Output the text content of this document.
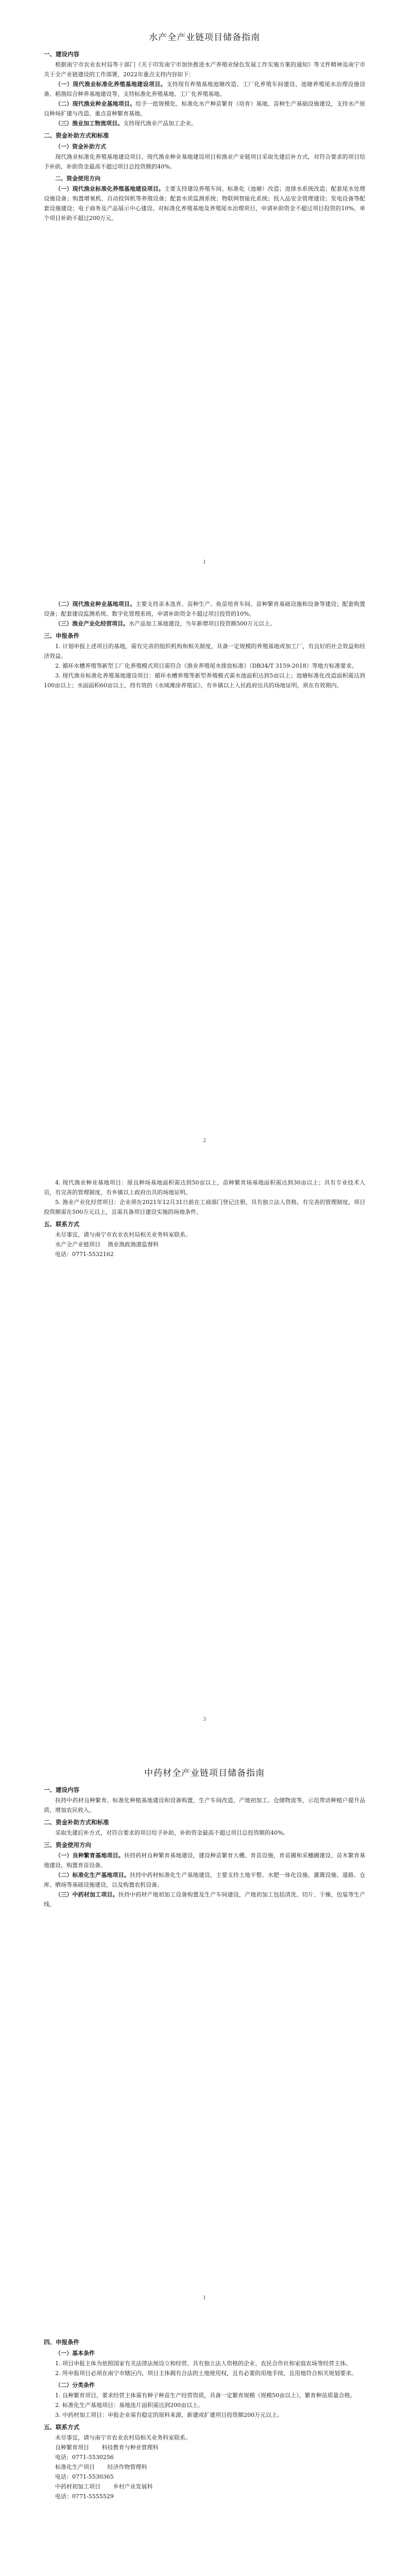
水产全产业链项目储备指南
一、建设内容

根据南宁市农业农村局等十部门《关于印发南宁市加快推进水产养殖业绿色发展工作实施方案的通知》等文件精神及南宁市关于全产业链建设的工作部署，2022年重点支持内容如下：

（一）现代渔业标准化养殖基地建设项目。支持现有养殖基地池塘改造、工厂化养殖车间建设、池塘养殖尾水治理设施设备、稻渔综合种养基地建设等，支持标准化养殖基地、工厂化养殖基地。

（二）现代渔业种业基地项目。给予一批规模化、标准化水产种苗繁育（培育）基地、苗种生产基础设施建设，支持水产原良种场扩建与改造、重点苗种繁育基地。

（三）渔业加工物流项目。支持现代渔业产品加工企业。

二、资金补助方式和标准
（一）资金补助方式

现代渔业标准化养殖基地建设项目、现代渔业种业基地建设项目和渔业产业链项目采取先建后补方式，对符合要求的项目给予补助，补助资金最高不超过项目总投资额的40%。

二、资金使用方向

（一）现代渔业标准化养殖基地建设项目。主要支持建设养殖车间、标准化（池塘）改造；进排水系统改造；配套尾水处理设施设备；购置增氧机、自动投饵机等养殖设备；配套水质监测系统；物联网智能化系统；投入品安全管理建设；发电设备等配套设施建设；电子商务及产品展示中心建设。对标准化养殖基地及养殖尾水治理项目，申请补助资金不超过项目投资的10%，单个项目补助不超过200万元。

1

（二）现代渔业种业基地项目。主要支持亲本选育、苗种生产、鱼苗培育车间、苗种繁育基础设施和设备等建设；配套购置设备；配套建设监测系统、数字化管理系统，申请补助资金不超过项目投资的10%。

（三）渔业产业化经营项目。水产品加工基地建设，当年新增项目投资额500万元以上。

三、申报条件

1. 计划申报上述项目的基地，需有完善的组织机构和相关制度，具备一定规模的养殖基地或加工厂，有良好的社会效益和经济效益。

2. 循环水槽养殖等新型工厂化养殖模式项目需符合《渔业养殖尾水排放标准》（DB34/T 3159-2018）等地方标准要求。

3. 现代渔业标准化养殖基地建设项目：循环水槽养殖等新型养殖模式需水池面积达到5亩以上；池塘标准化改造面积需达到100亩以上；水面面积60亩以上，持有效的《水域滩涂养殖证》，有乡镇以上人民政府出具的场地证明，须在有效期内。

2

4. 现代渔业种业基地项目：原良种场基地面积需达到50亩以上，苗种繁育场基地面积需达到30亩以上；具有专业技术人员，有完善的管理制度，有乡镇以上政府出具的场地证明。

5. 渔业产业化经营项目：企业须在2021年12月31日前在工商部门登记注册，具有独立法人资格，有完善的管理制度，项目投资额需在500万元以上，且需具备项目建设实施的场地条件。

五、联系方式

未尽事宜，请与南宁市农业农村局相关业务科室联系。

水产全产业链项目    渔业渔政渔港监督科
电话：0771-5532162
3
中药材全产业链项目储备指南
一、建设内容

扶持中药材良种繁育、标准化种植基地建设和设备购置，生产车间改造，产地初加工、仓储物流等，示范带动种植户提升品质，增加农民收入。

二、资金补助方式和标准

采取先建后补方式，对符合要求的项目给予补助，补助资金最高不超过项目总投资额的40%。

三、资金使用方向

（一）良种繁育基地项目。扶持药材良种繁育基地建设，建设种苗繁育大棚、育苗设施，育苗圃和采穗圃建设、苗木繁育基地建设，购置育苗设备。

（二）标准化生产基地项目。扶持中药材标准化生产基地建设，主要支持土地平整、水肥一体化设施、灌溉设施、道路、仓库、晒场等基础设施建设，以及购置农机设备。

（三）中药材加工项目。扶持中药材产地初加工设备购置及生产车间建设，产地初加工包括清洗、切片、干燥、包装等生产线。

1
四、申报条件
（一）基本条件

1. 项目申报主体为依照国家有关法律法规设立和经营，具有独立法人资格的企业、农民合作社和家庭农场等经营主体。

2. 所申报项目必须在南宁市辖区内，项目主体拥有合法的土地使用权，且有必要的用地手续，且用地符合相关规划要求。

（二）分类条件

1. 良种繁育项目，要求经营主体需有种子种苗生产经营资质，具备一定繁育规模（规模50亩以上），繁育种苗质量合格。

2. 标准化生产基地项目：基地连片面积需达到200亩以上。

3. 中药材加工项目：申报企业需有稳定的原料来源，新建或扩建项目投资额200万元以上。

五、联系方式

未尽事宜，请与南宁市农业农村局相关业务科室联系。

良种繁育项目       科技教育与种业管理科
电话：0771-5530256
标准化生产项目       经济作物管理科
电话：0771-5530365
中药材初加工项目       乡村产业发展科
电话：0771-5555529
